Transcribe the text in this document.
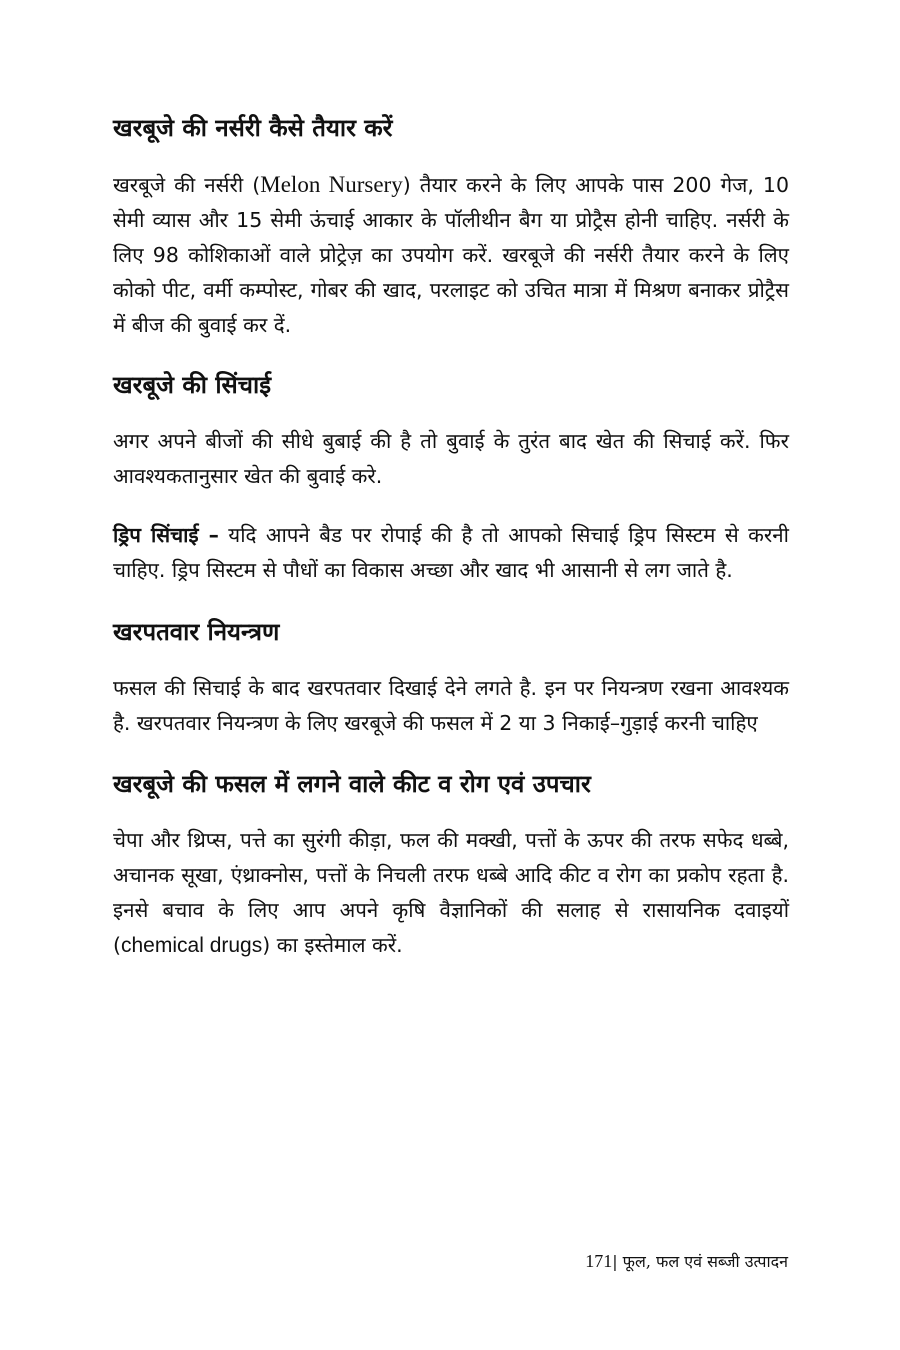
खरबूजे की नर्सरी कैसे तैयार करें

खरबूजे की नर्सरी (Melon Nursery) तैयार करने के लिए आपके पास 200 गेज, 10 सेमी व्यास और 15 सेमी ऊंचाई आकार के पॉलीथीन बैग या प्रोट्रैस होनी चाहिए. नर्सरी के लिए 98 कोशिकाओं वाले प्रोट्रेज़ का उपयोग करें. खरबूजे की नर्सरी तैयार करने के लिए कोको पीट, वर्मी कम्पोस्ट, गोबर की खाद, परलाइट को उचित मात्रा में मिश्रण बनाकर प्रोट्रैस में बीज की बुवाई कर दें.

खरबूजे की सिंचाई

अगर अपने बीजों की सीधे बुबाई की है तो बुवाई के तुरंत बाद खेत की सिचाई करें. फिर आवश्यकतानुसार खेत की बुवाई करे.

ड्रिप सिंचाई – यदि आपने बैड पर रोपाई की है तो आपको सिचाई ड्रिप सिस्टम से करनी चाहिए. ड्रिप सिस्टम से पौधों का विकास अच्छा और खाद भी आसानी से लग जाते है.

खरपतवार नियन्त्रण

फसल की सिचाई के बाद खरपतवार दिखाई देने लगते है. इन पर नियन्त्रण रखना आवश्यक है. खरपतवार नियन्त्रण के लिए खरबूजे की फसल में 2 या 3 निकाई–गुड़ाई करनी चाहिए

खरबूजे की फसल में लगने वाले कीट व रोग एवं उपचार

चेपा और थ्रिप्स, पत्ते का सुरंगी कीड़ा, फल की मक्खी, पत्तों के ऊपर की तरफ सफेद धब्बे, अचानक सूखा, एंथ्राक्नोस, पत्तों के निचली तरफ धब्बे आदि कीट व रोग का प्रकोप रहता है. इनसे बचाव के लिए आप अपने कृषि वैज्ञानिकों की सलाह से रासायनिक दवाइयों (chemical drugs) का इस्तेमाल करें.

171| फूल, फल एवं सब्जी उत्पादन
